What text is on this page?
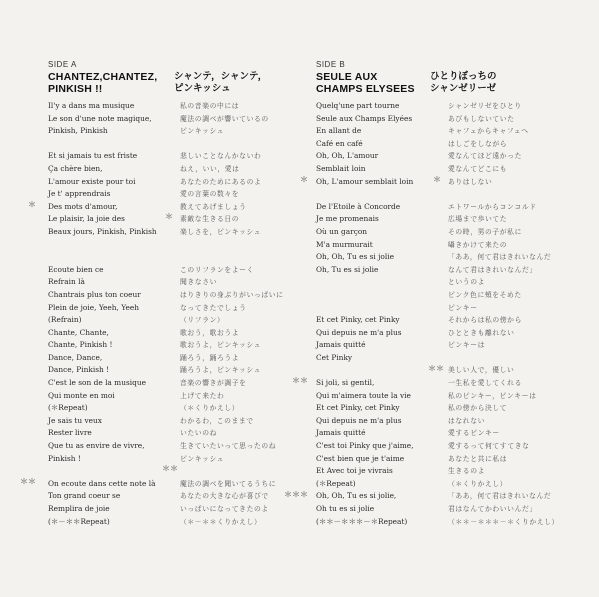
SIDE A
CHANTEZ,CHANTEZ,
PINKISH !!
シャンテ，シャンテ，
ピンキッシュ
Il'y a dans ma musique
Le son d'une note magique,
Pinkish, Pinkish
Et si jamais tu est friste
Ça chère bien,
L'amour existe pour toi
Je t' apprendrais
Des mots d'amour,
Le plaisir, la joie des
Beaux jours, Pinkish, Pinkish
Ecoute bien ce
Refrain là
Chantrais plus ton coeur
Plein de joie, Yeeh, Yeeh
(Refrain)
Chante, Chante,
Chante, Pinkish !
Dance, Dance,
Dance, Pinkish !
C'est le son de la musique
Qui monte en moi
(＊Repeat)
Je sais tu veux
Rester livre
Que tu as envire de vivre,
Pinkish !
On ecoute dans cette note là
Ton grand coeur se
Remplira de joie
(＊－＊＊Repeat)
私の音楽の中には
魔法の調べが響いているの
ピンキッシュ
悲しいことなんかないわ
ねえ，いい，愛は
あなたのためにあるのよ
愛の言葉の数々を
教えてあげましょう
素敵な生きる日の
楽しさを，ピンキッシュ
このリフランをよーく
聞きなさい
はりきりの身ぶりがいっぱいに
なってきたでしょう
（リフラン）
歌おう，歌おうよ
歌おうよ，ピンキッシュ
踊ろう，踊ろうよ
踊ろうよ，ピンキッシュ
音楽の響きが調子を
上げて来たわ
（＊くりかえし）
わかるわ，このままで
いたいのね
生きていたいって思ったのね
ピンキッシュ
魔法の調べを聞いてるうちに
あなたの大きな心が喜びで
いっぱいになってきたのよ
（＊－＊＊くりかえし）
＊
＊＊
＊
＊＊
SIDE B
SEULE AUX
CHAMPS ELYSEES
ひとりぼっちの
シャンゼリーゼ
Quelq'une part tourne
Seule aux Champs Elyées
En allant de
Café en café
Oh, Oh, L'amour
Semblait loin
Oh, L'amour semblait loin
De l'Etoile à Concorde
Je me promenais
Où un garçon
M'a murmurait
Oh, Oh, Tu es si jolie
Oh, Tu es si jolie
Et cet Pinky, cet Pinky
Qui depuis ne m'a plus
Jamais quitté
Cet Pinky
Si joli, si gentil,
Qui m'aimera toute la vie
Et cet Pinky, cet Pinky
Qui depuis ne m'a plus
Jamais quitté
C'est toi Pinky que j'aime,
C'est bien que je t'aime
Et Avec toi je vivrais
(＊Repeat)
Oh, Oh, Tu es si jolie,
Oh tu es si jolie
(＊＊－＊＊＊－＊Repeat)
シャンゼリゼをひとり
あびもしないていた
キャフェからキャフェへ
はしごをしながら
愛なんてほど遠かった
愛なんてどこにも
ありはしない
エトワールからコンコルド
広場まで歩いてた
その時，男の子が私に
囁きかけて来たの
「ああ，何て君はきれいなんだ
なんて君はきれいなんだ」
というのよ
ピンク色に頬をそめた
ピンキー
それからは私の傍から
ひとときも離れない
ピンキーは
美しい人で，優しい
一生私を愛してくれる
私のピンキー，ピンキーは
私の傍から決して
はなれない
愛するピンキー
愛するって何てすてきな
あなたと共に私は
生きるのよ
（＊くりかえし）
「ああ，何て君はきれいなんだ
君はなんてかわいいんだ」
（＊＊－＊＊＊－＊くりかえし）
＊
＊＊
＊＊＊
＊
＊＊
